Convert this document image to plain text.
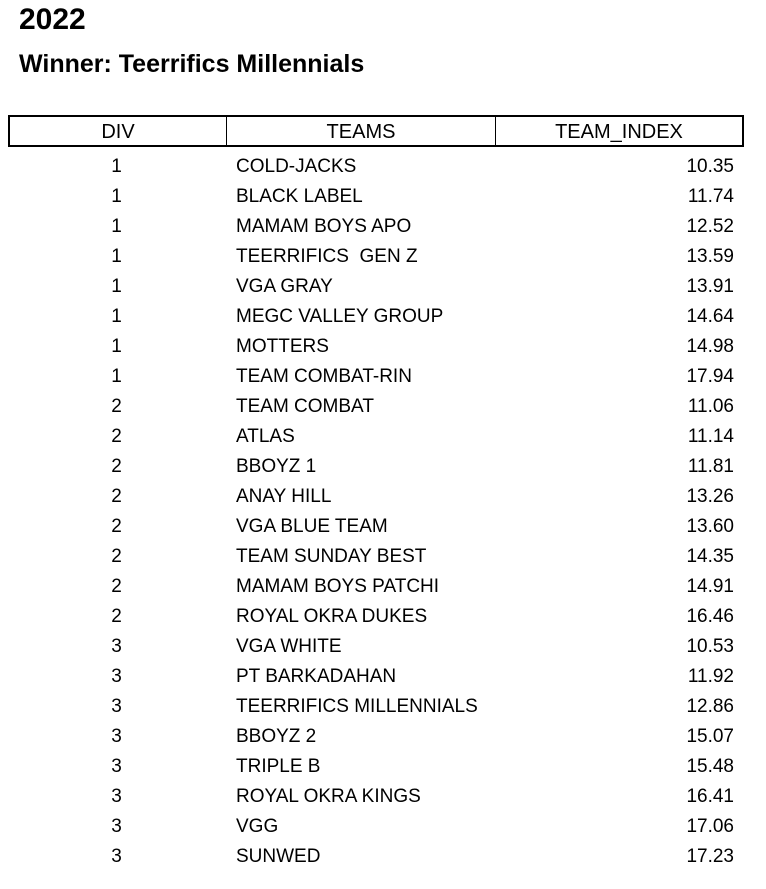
2022
Winner: Teerrifics Millennials
DIV	TEAMS	TEAM_INDEX
1	COLD-JACKS	10.35
1	BLACK LABEL	11.74
1	MAMAM BOYS APO	12.52
1	TEERRIFICS  GEN Z	13.59
1	VGA GRAY	13.91
1	MEGC VALLEY GROUP	14.64
1	MOTTERS	14.98
1	TEAM COMBAT-RIN	17.94
2	TEAM COMBAT	11.06
2	ATLAS	11.14
2	BBOYZ 1	11.81
2	ANAY HILL	13.26
2	VGA BLUE TEAM	13.60
2	TEAM SUNDAY BEST	14.35
2	MAMAM BOYS PATCHI	14.91
2	ROYAL OKRA DUKES	16.46
3	VGA WHITE	10.53
3	PT BARKADAHAN	11.92
3	TEERRIFICS MILLENNIALS	12.86
3	BBOYZ 2	15.07
3	TRIPLE B	15.48
3	ROYAL OKRA KINGS	16.41
3	VGG	17.06
3	SUNWED	17.23
